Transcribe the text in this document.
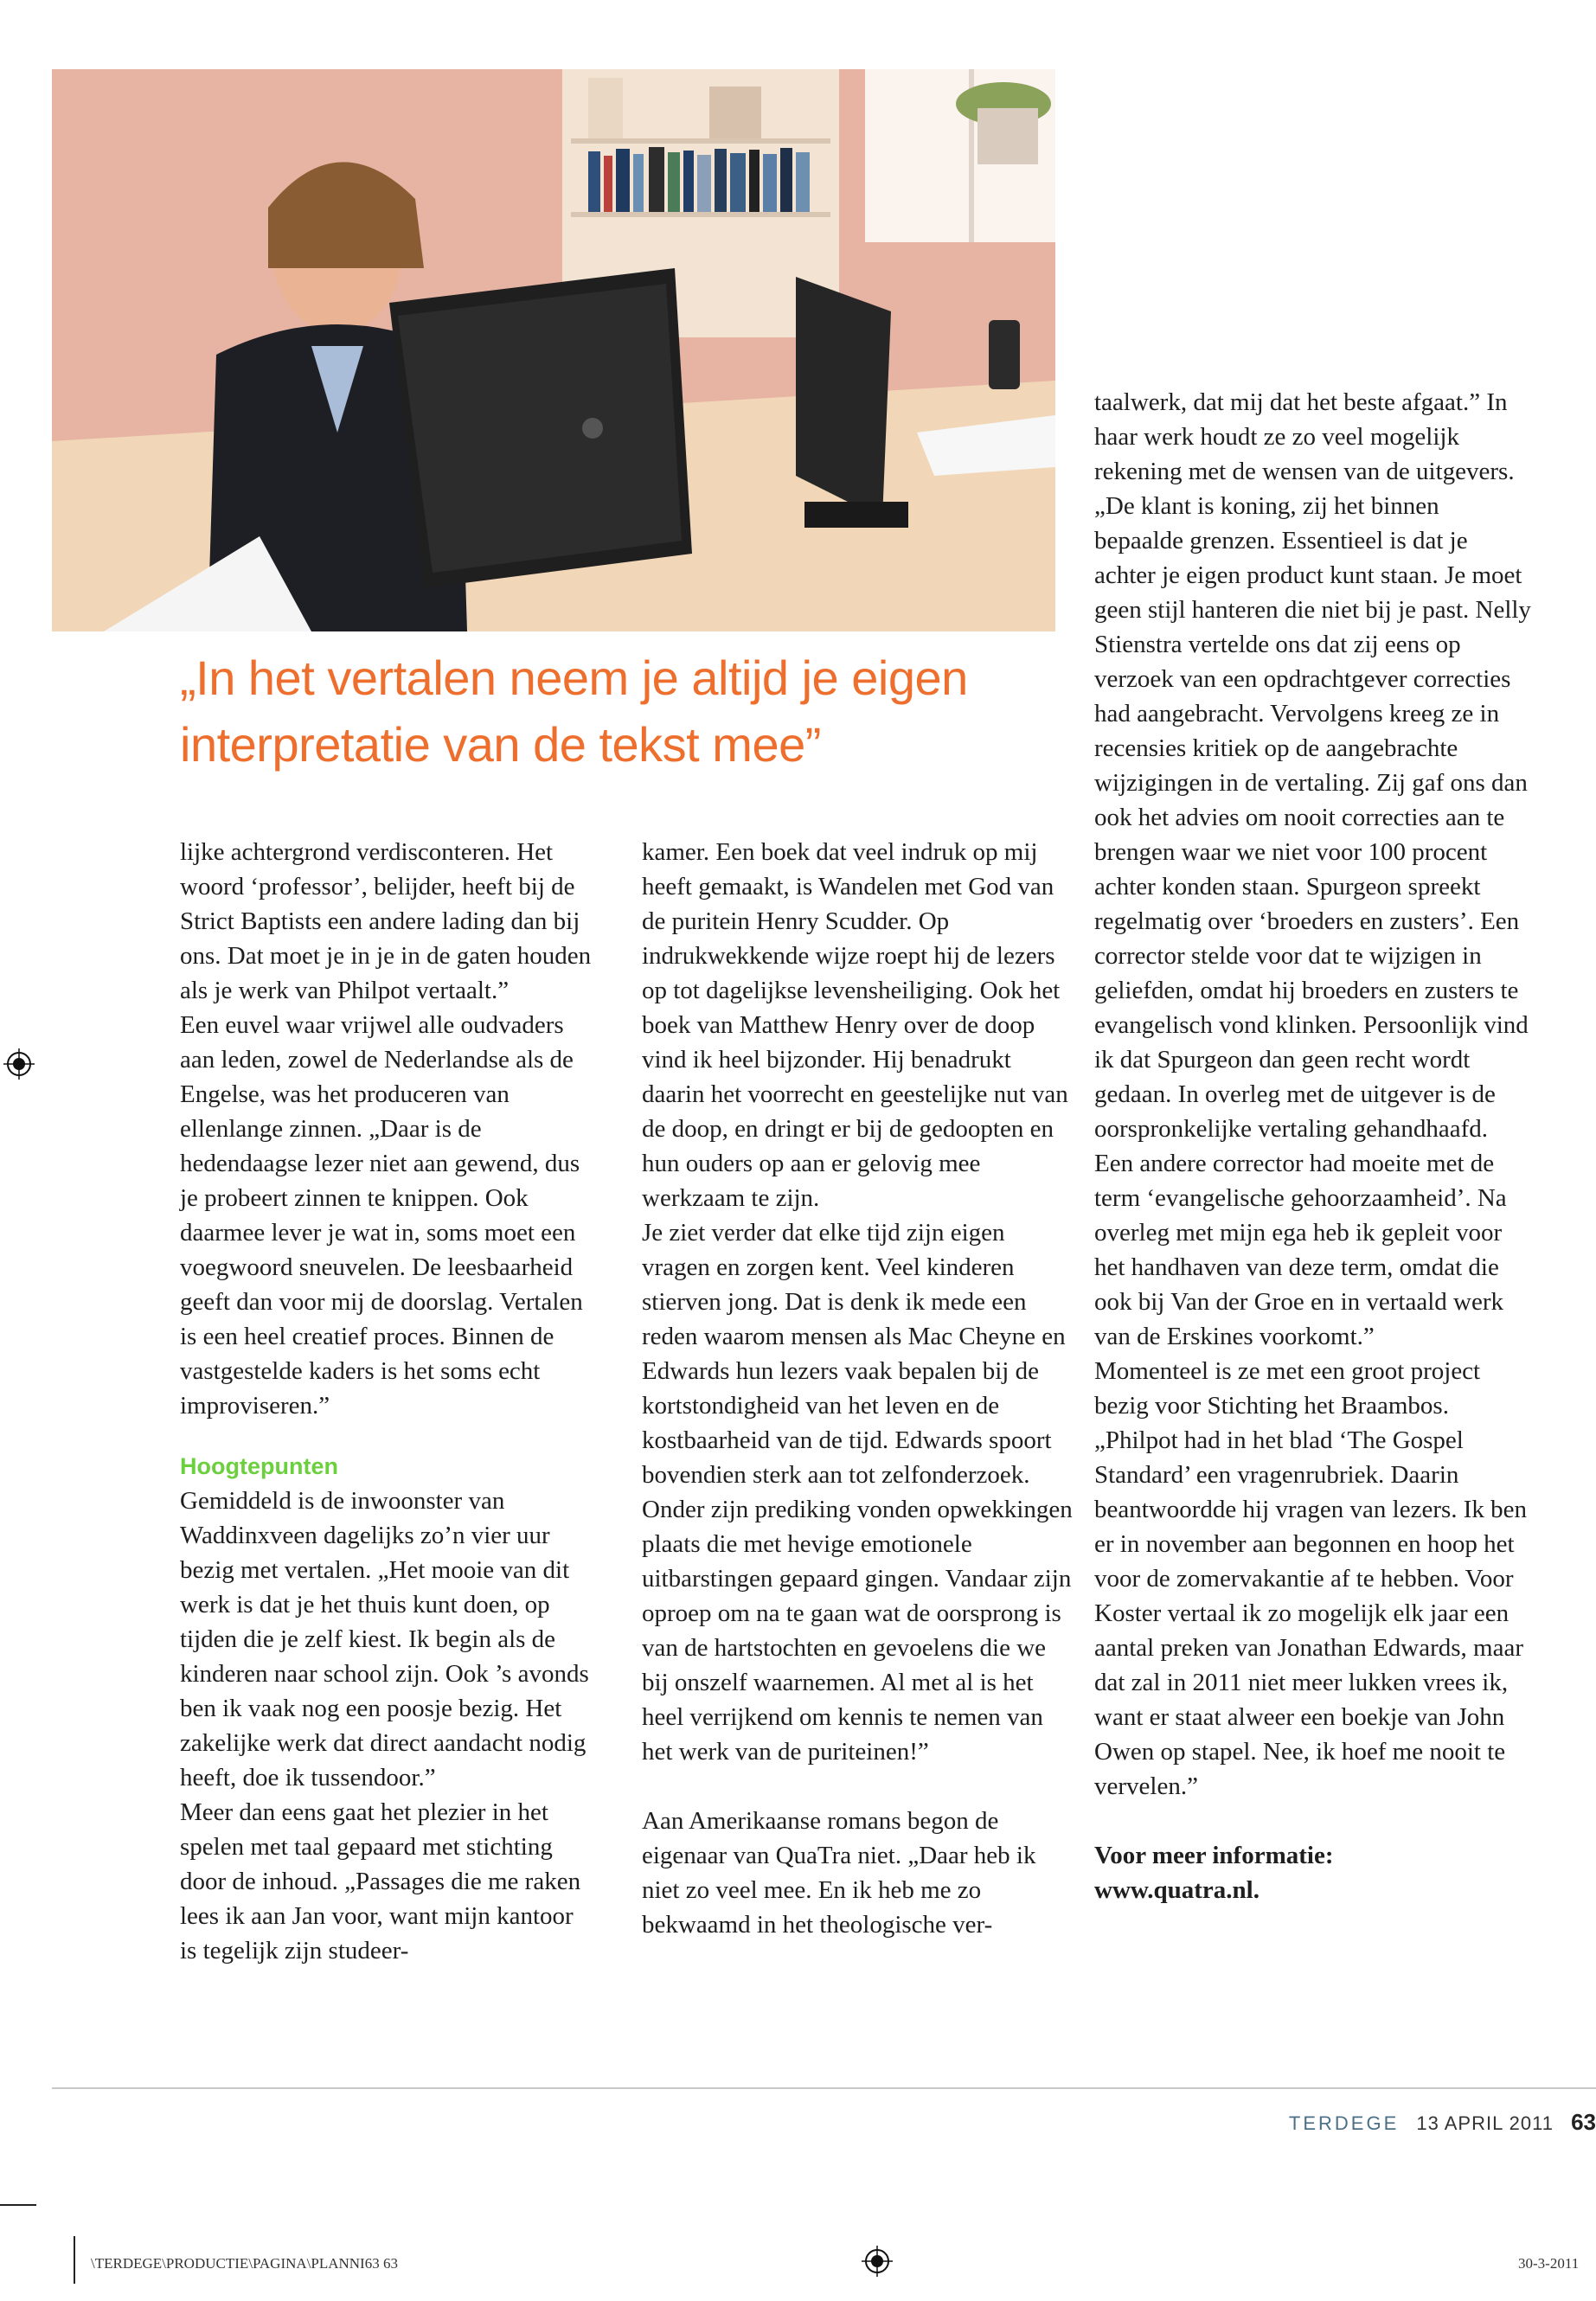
„In het vertalen neem je altijd je eigen interpretatie van de tekst mee”

lijke achtergrond verdisconteren. Het woord ‘professor’, belijder, heeft bij de Strict Baptists een andere lading dan bij ons. Dat moet je in je in de gaten houden als je werk van Philpot vertaalt.”

Een euvel waar vrijwel alle oudvaders aan leden, zowel de Nederlandse als de Engelse, was het produceren van ellenlange zinnen. „Daar is de hedendaagse lezer niet aan gewend, dus je probeert zinnen te knippen. Ook daarmee lever je wat in, soms moet een voegwoord sneuvelen. De leesbaarheid geeft dan voor mij de doorslag. Vertalen is een heel creatief proces. Binnen de vastgestelde kaders is het soms echt improviseren.”

Hoogtepunten

Gemiddeld is de inwoonster van Waddinxveen dagelijks zo’n vier uur bezig met vertalen. „Het mooie van dit werk is dat je het thuis kunt doen, op tijden die je zelf kiest. Ik begin als de kinderen naar school zijn. Ook ’s avonds ben ik vaak nog een poosje bezig. Het zakelijke werk dat direct aandacht nodig heeft, doe ik tussendoor.”

Meer dan eens gaat het plezier in het spelen met taal gepaard met stichting door de inhoud. „Passages die me raken lees ik aan Jan voor, want mijn kantoor is tegelijk zijn studeer-

kamer. Een boek dat veel indruk op mij heeft gemaakt, is Wandelen met God van de puritein Henry Scudder. Op indrukwekkende wijze roept hij de lezers op tot dagelijkse levensheiliging. Ook het boek van Matthew Henry over de doop vind ik heel bijzonder. Hij benadrukt daarin het voorrecht en geestelijke nut van de doop, en dringt er bij de gedoopten en hun ouders op aan er gelovig mee werkzaam te zijn.

Je ziet verder dat elke tijd zijn eigen vragen en zorgen kent. Veel kinderen stierven jong. Dat is denk ik mede een reden waarom mensen als Mac Cheyne en Edwards hun lezers vaak bepalen bij de kortstondigheid van het leven en de kostbaarheid van de tijd. Edwards spoort bovendien sterk aan tot zelfonderzoek. Onder zijn prediking vonden opwekkingen plaats die met hevige emotionele uitbarstingen gepaard gingen. Vandaar zijn oproep om na te gaan wat de oorsprong is van de hartstochten en gevoelens die we bij onszelf waarnemen. Al met al is het heel verrijkend om kennis te nemen van het werk van de puriteinen!”

Aan Amerikaanse romans begon de eigenaar van QuaTra niet. „Daar heb ik niet zo veel mee. En ik heb me zo bekwaamd in het theologische ver-

taalwerk, dat mij dat het beste afgaat.” In haar werk houdt ze zo veel mogelijk rekening met de wensen van de uitgevers. „De klant is koning, zij het binnen bepaalde grenzen. Essentieel is dat je achter je eigen product kunt staan. Je moet geen stijl hanteren die niet bij je past. Nelly Stienstra vertelde ons dat zij eens op verzoek van een opdrachtgever correcties had aangebracht. Vervolgens kreeg ze in recensies kritiek op de aangebrachte wijzigingen in de vertaling. Zij gaf ons dan ook het advies om nooit correcties aan te brengen waar we niet voor 100 procent achter konden staan. Spurgeon spreekt regelmatig over ‘broeders en zusters’. Een corrector stelde voor dat te wijzigen in geliefden, omdat hij broeders en zusters te evangelisch vond klinken. Persoonlijk vind ik dat Spurgeon dan geen recht wordt gedaan. In overleg met de uitgever is de oorspronkelijke vertaling gehandhaafd. Een andere corrector had moeite met de term ‘evangelische gehoorzaamheid’. Na overleg met mijn ega heb ik gepleit voor het handhaven van deze term, omdat die ook bij Van der Groe en in vertaald werk van de Erskines voorkomt.”

Momenteel is ze met een groot project bezig voor Stichting het Braambos. „Philpot had in het blad ‘The Gospel Standard’ een vragenrubriek. Daarin beantwoordde hij vragen van lezers. Ik ben er in november aan begonnen en hoop het voor de zomervakantie af te hebben. Voor Koster vertaal ik zo mogelijk elk jaar een aantal preken van Jonathan Edwards, maar dat zal in 2011 niet meer lukken vrees ik, want er staat alweer een boekje van John Owen op stapel. Nee, ik hoef me nooit te vervelen.”

Voor meer informatie:

www.quatra.nl.

TERDEGE 13 APRIL 2011 63
\TERDEGE\PRODUCTIE\PAGINA\PLANNI63 63	30-3-2011
